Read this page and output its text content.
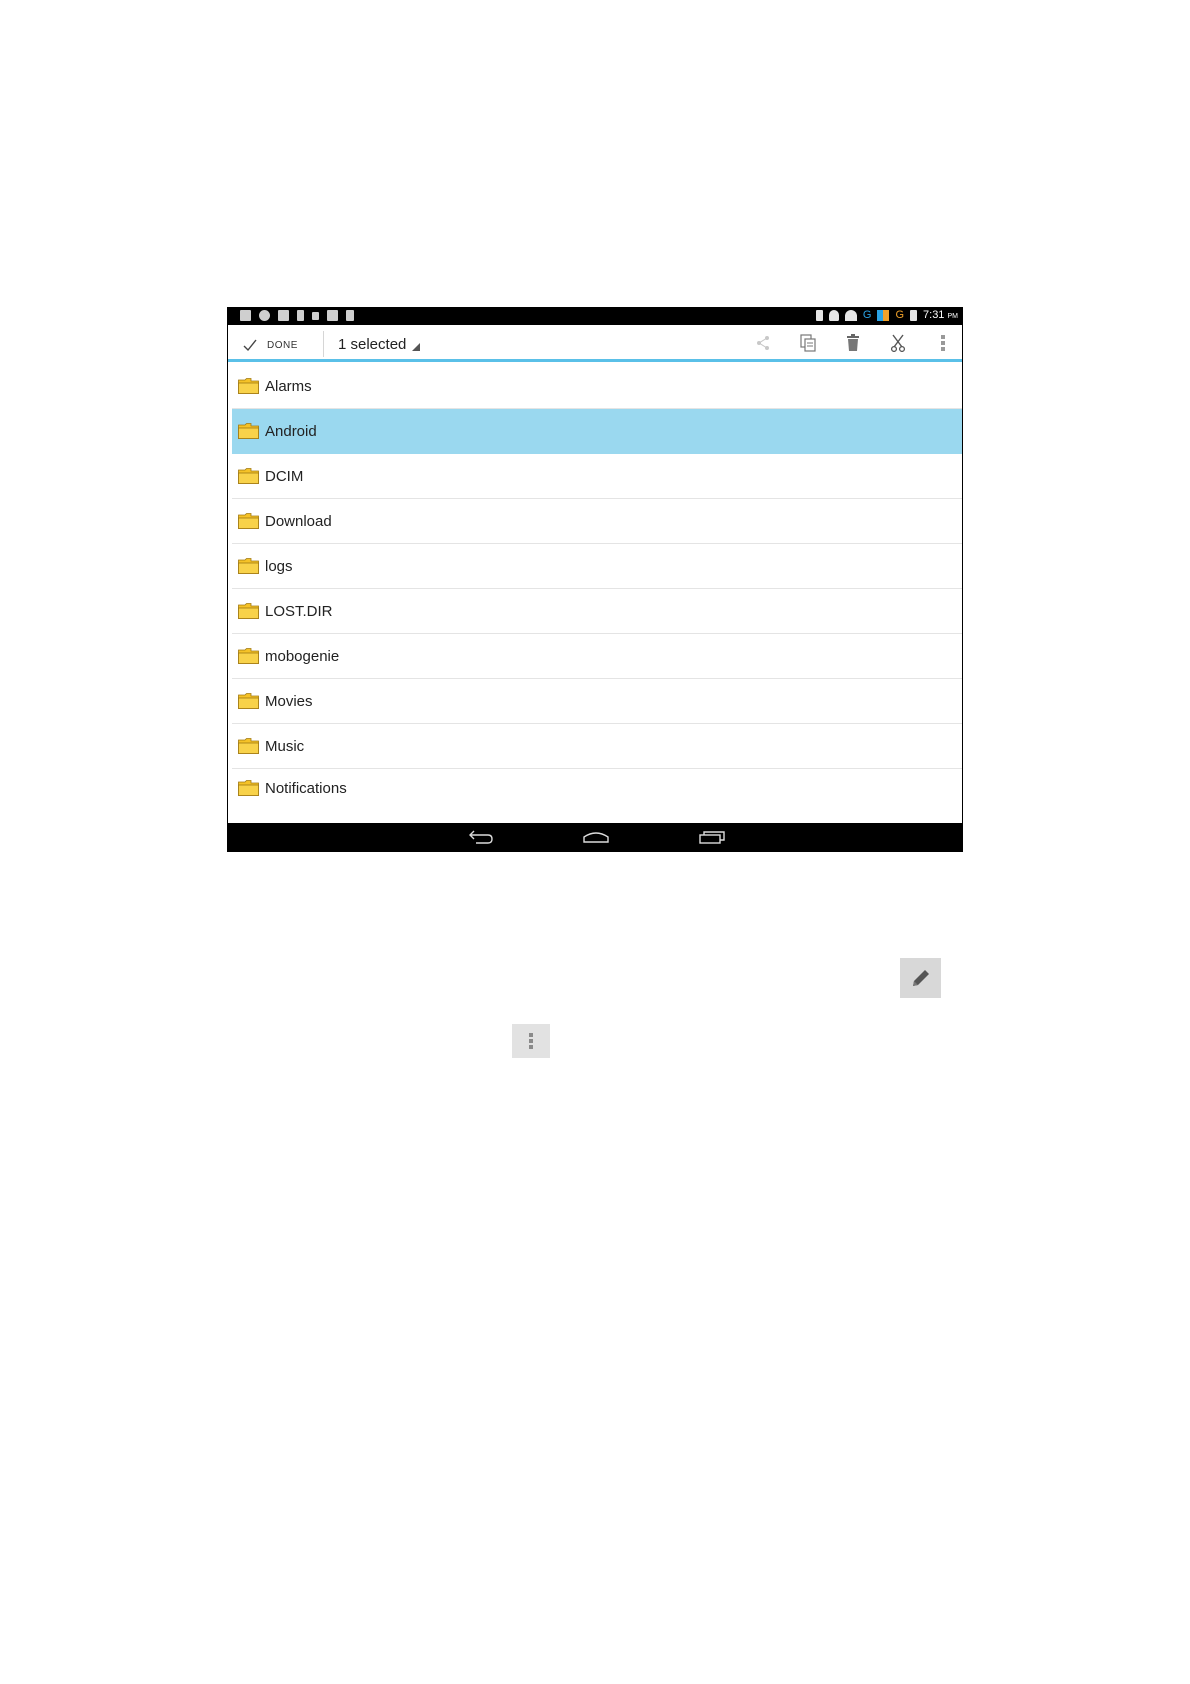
G G 7:31 PM
DONE	1 selected
Alarms
Android
DCIM
Download
logs
LOST.DIR
mobogenie
Movies
Music
Notifications
